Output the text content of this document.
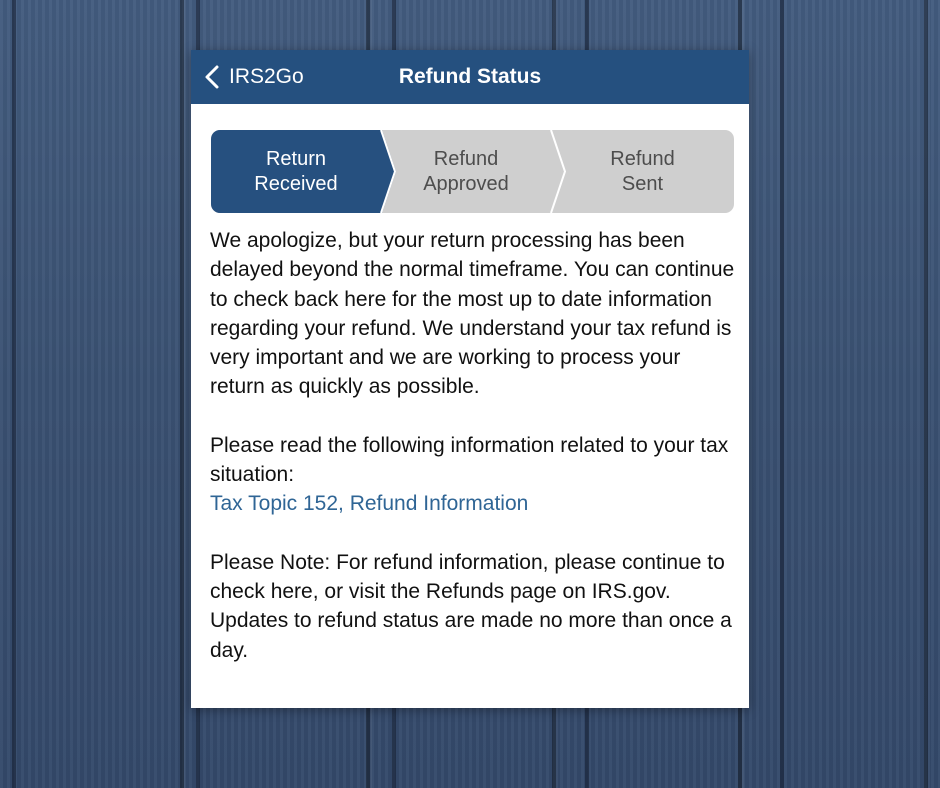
IRS2Go	Refund Status
Return
Received
Refund
Approved
Refund
Sent

We apologize, but your return processing has been delayed beyond the normal timeframe. You can continue to check back here for the most up to date information regarding your refund. We understand your tax refund is very important and we are working to process your return as quickly as possible.

Please read the following information related to your tax situation:

Tax Topic 152, Refund Information

Please Note: For refund information, please continue to check here, or visit the Refunds page on IRS.gov. Updates to refund status are made no more than once a day.
